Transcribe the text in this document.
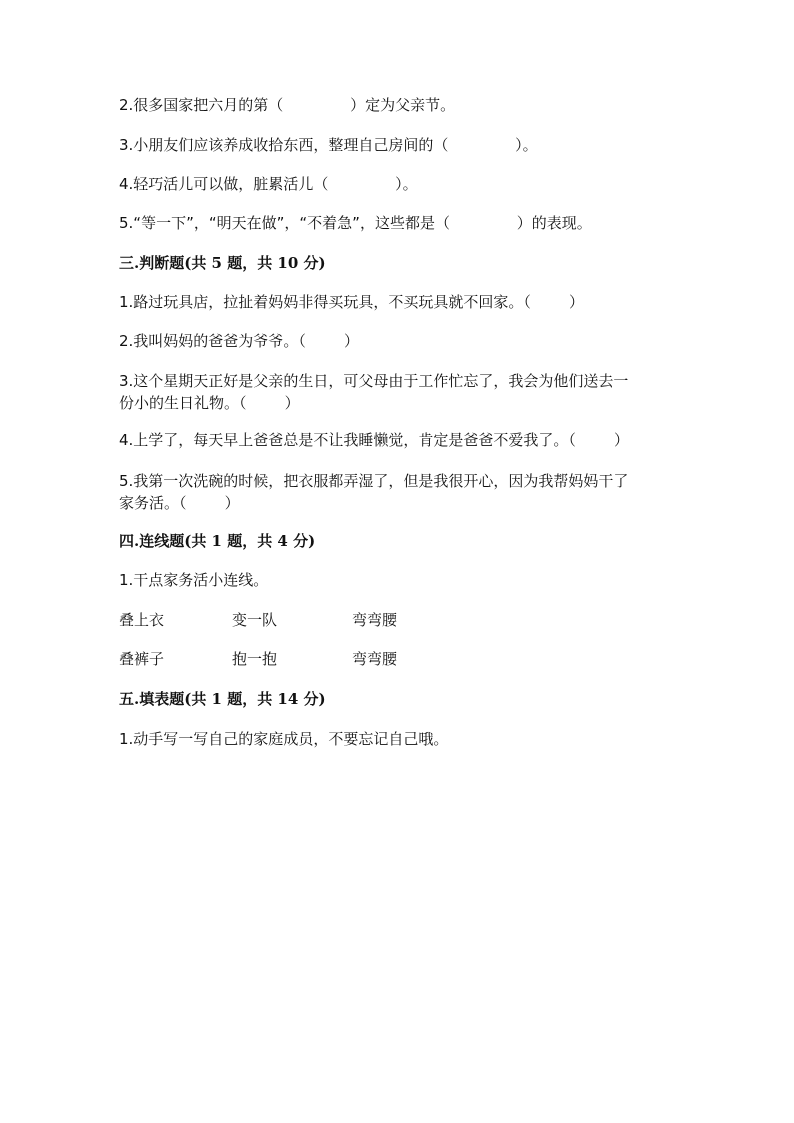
2.很多国家把六月的第（              ）定为父亲节。

3.小朋友们应该养成收拾东西，整理自己房间的（              ）。

4.轻巧活儿可以做，脏累活儿（              ）。

5.“等一下”，“明天在做”，“不着急”，这些都是（              ）的表现。

三.判断题(共 5 题，共 10 分)

1.路过玩具店，拉扯着妈妈非得买玩具，不买玩具就不回家。（        ）

2.我叫妈妈的爸爸为爷爷。（        ）

3.这个星期天正好是父亲的生日，可父母由于工作忙忘了，我会为他们送去一

份小的生日礼物。（        ）

4.上学了，每天早上爸爸总是不让我睡懒觉，肯定是爸爸不爱我了。（        ）

5.我第一次洗碗的时候，把衣服都弄湿了，但是我很开心，因为我帮妈妈干了

家务活。（        ）

四.连线题(共 1 题，共 4 分)

1.干点家务活小连线。

叠上衣	变一队	弯弯腰
叠裤子	抱一抱	弯弯腰

五.填表题(共 1 题，共 14 分)

1.动手写一写自己的家庭成员，不要忘记自己哦。
